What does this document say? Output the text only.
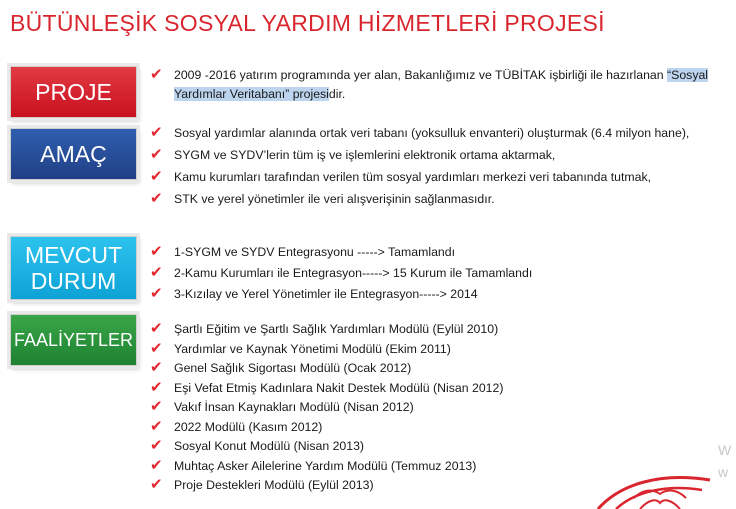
BÜTÜNLEŞİK SOSYAL YARDIM HİZMETLERİ PROJESİ
PROJE
✔ 2009 -2016 yatırım programında yer alan, Bakanlığımız ve TÜBİTAK işbirliği ile hazırlanan “Sosyal Yardımlar Veritabanı” projesidir.
AMAÇ
✔ Sosyal yardımlar alanında ortak veri tabanı (yoksulluk envanteri) oluşturmak (6.4 milyon hane),
✔ SYGM ve SYDV’lerin tüm iş ve işlemlerini elektronik ortama aktarmak,
✔ Kamu kurumları tarafından verilen tüm sosyal yardımları merkezi veri tabanında tutmak,
✔ STK ve yerel yönetimler ile veri alışverişinin sağlanmasıdır.
MEVCUT
DURUM
✔ 1-SYGM ve SYDV Entegrasyonu -----> Tamamlandı
✔ 2-Kamu Kurumları ile Entegrasyon-----> 15 Kurum ile Tamamlandı
✔ 3-Kızılay ve Yerel Yönetimler ile Entegrasyon-----> 2014
FAALİYETLER
✔ Şartlı Eğitim ve Şartlı Sağlık Yardımları Modülü (Eylül 2010)
✔ Yardımlar ve Kaynak Yönetimi Modülü (Ekim 2011)
✔ Genel Sağlık Sigortası Modülü (Ocak 2012)
✔ Eşi Vefat Etmiş Kadınlara Nakit Destek Modülü (Nisan 2012)
✔ Vakıf İnsan Kaynakları Modülü (Nisan 2012)
✔ 2022 Modülü (Kasım 2012)
✔ Sosyal Konut Modülü (Nisan 2013)
✔ Muhtaç Asker Ailelerine Yardım Modülü (Temmuz 2013)
✔ Proje Destekleri Modülü (Eylül 2013)
W
w
